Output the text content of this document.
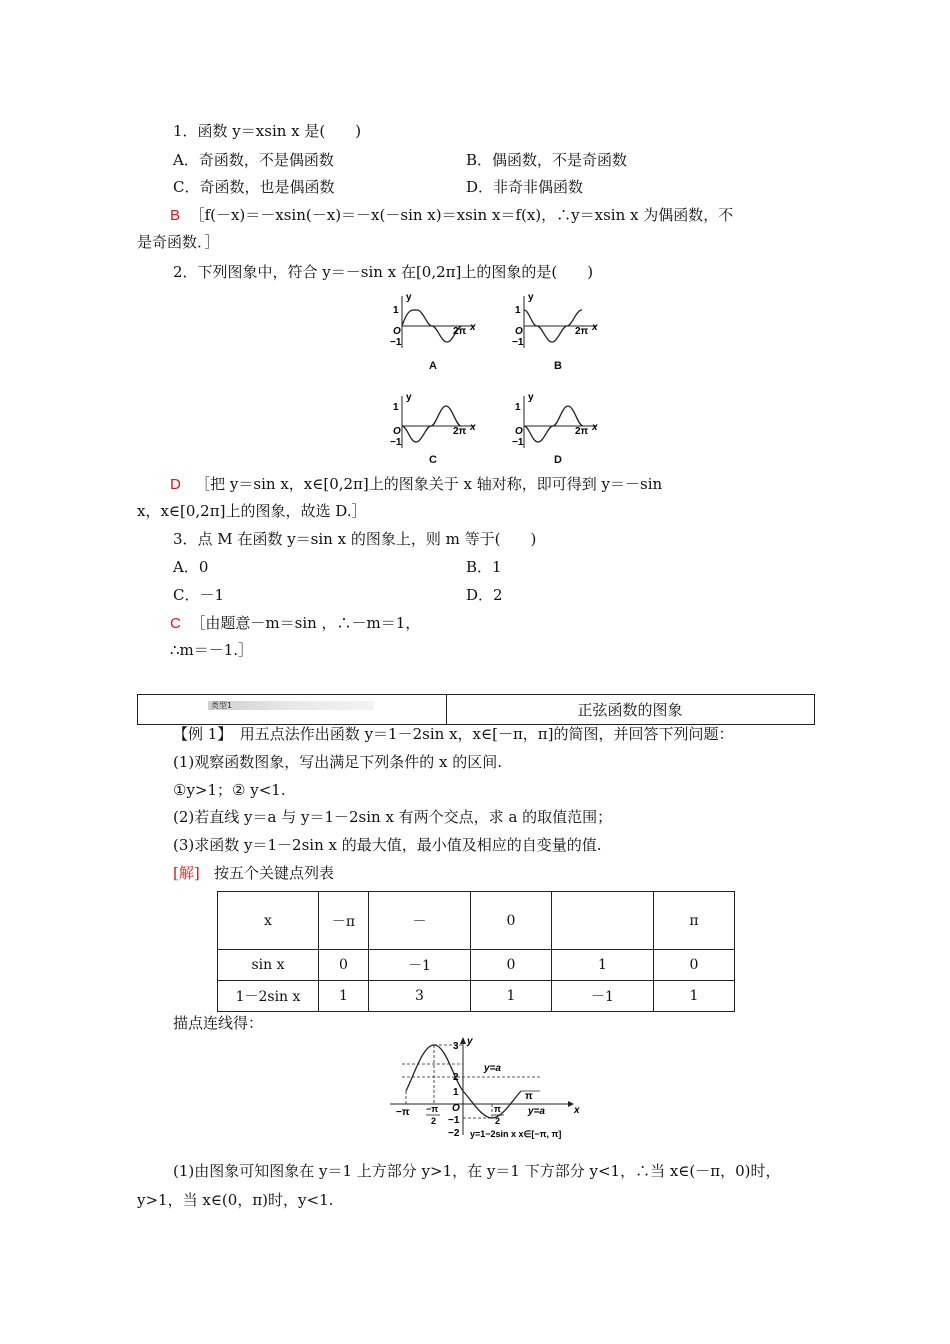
1．函数 y＝xsin x 是(　　)
A．奇函数，不是偶函数	B．偶函数，不是奇函数
C．奇函数，也是偶函数	D．非奇非偶函数
B ［f(－x)＝－xsin(－x)＝－x(－sin x)＝xsin x＝f(x)，∴y＝xsin x 为偶函数，不
是奇函数．］
2．下列图象中，符合 y＝－sin x 在[0,2π]上的图象的是(　　)
y
1
O
−1
2π x
A
y
1
O
−1
2π x
B
y
1
O
−1
2π x
C
y
1
O
−1
2π x
D
D ［把 y＝sin x，x∈[0,2π]上的图象关于 x 轴对称，即可得到 y＝－sin
x，x∈[0,2π]上的图象，故选 D.］
3．点 M 在函数 y＝sin x 的图象上，则 m 等于(　　)
A．0	B．1
C．－1	D．2
C ［由题意－m＝sin ，∴－m＝1，
∴m＝－1.］
类型1	正弦函数的图象
【例 1】　用五点法作出函数 y＝1－2sin x，x∈[－π，π]的简图，并回答下列问题：
(1)观察函数图象，写出满足下列条件的 x 的区间.
①y>1；② y<1.
(2)若直线 y＝a 与 y＝1－2sin x 有两个交点，求 a 的取值范围；
(3)求函数 y＝1－2sin x 的最大值，最小值及相应的自变量的值.
[解] 按五个关键点列表
x	－π	－	0		π
sin x	0	－1	0	1	0
1－2sin x	1	3	1	－1	1
描点连线得：
y
x
3
2
1
−1
−2
O
−π −π
2
π
2
π
y=a
y=a
y=1−2sin x x∈[−π, π]
(1)由图象可知图象在 y＝1 上方部分 y>1，在 y＝1 下方部分 y<1，∴当 x∈(－π，0)时，
y>1，当 x∈(0，π)时，y<1.
